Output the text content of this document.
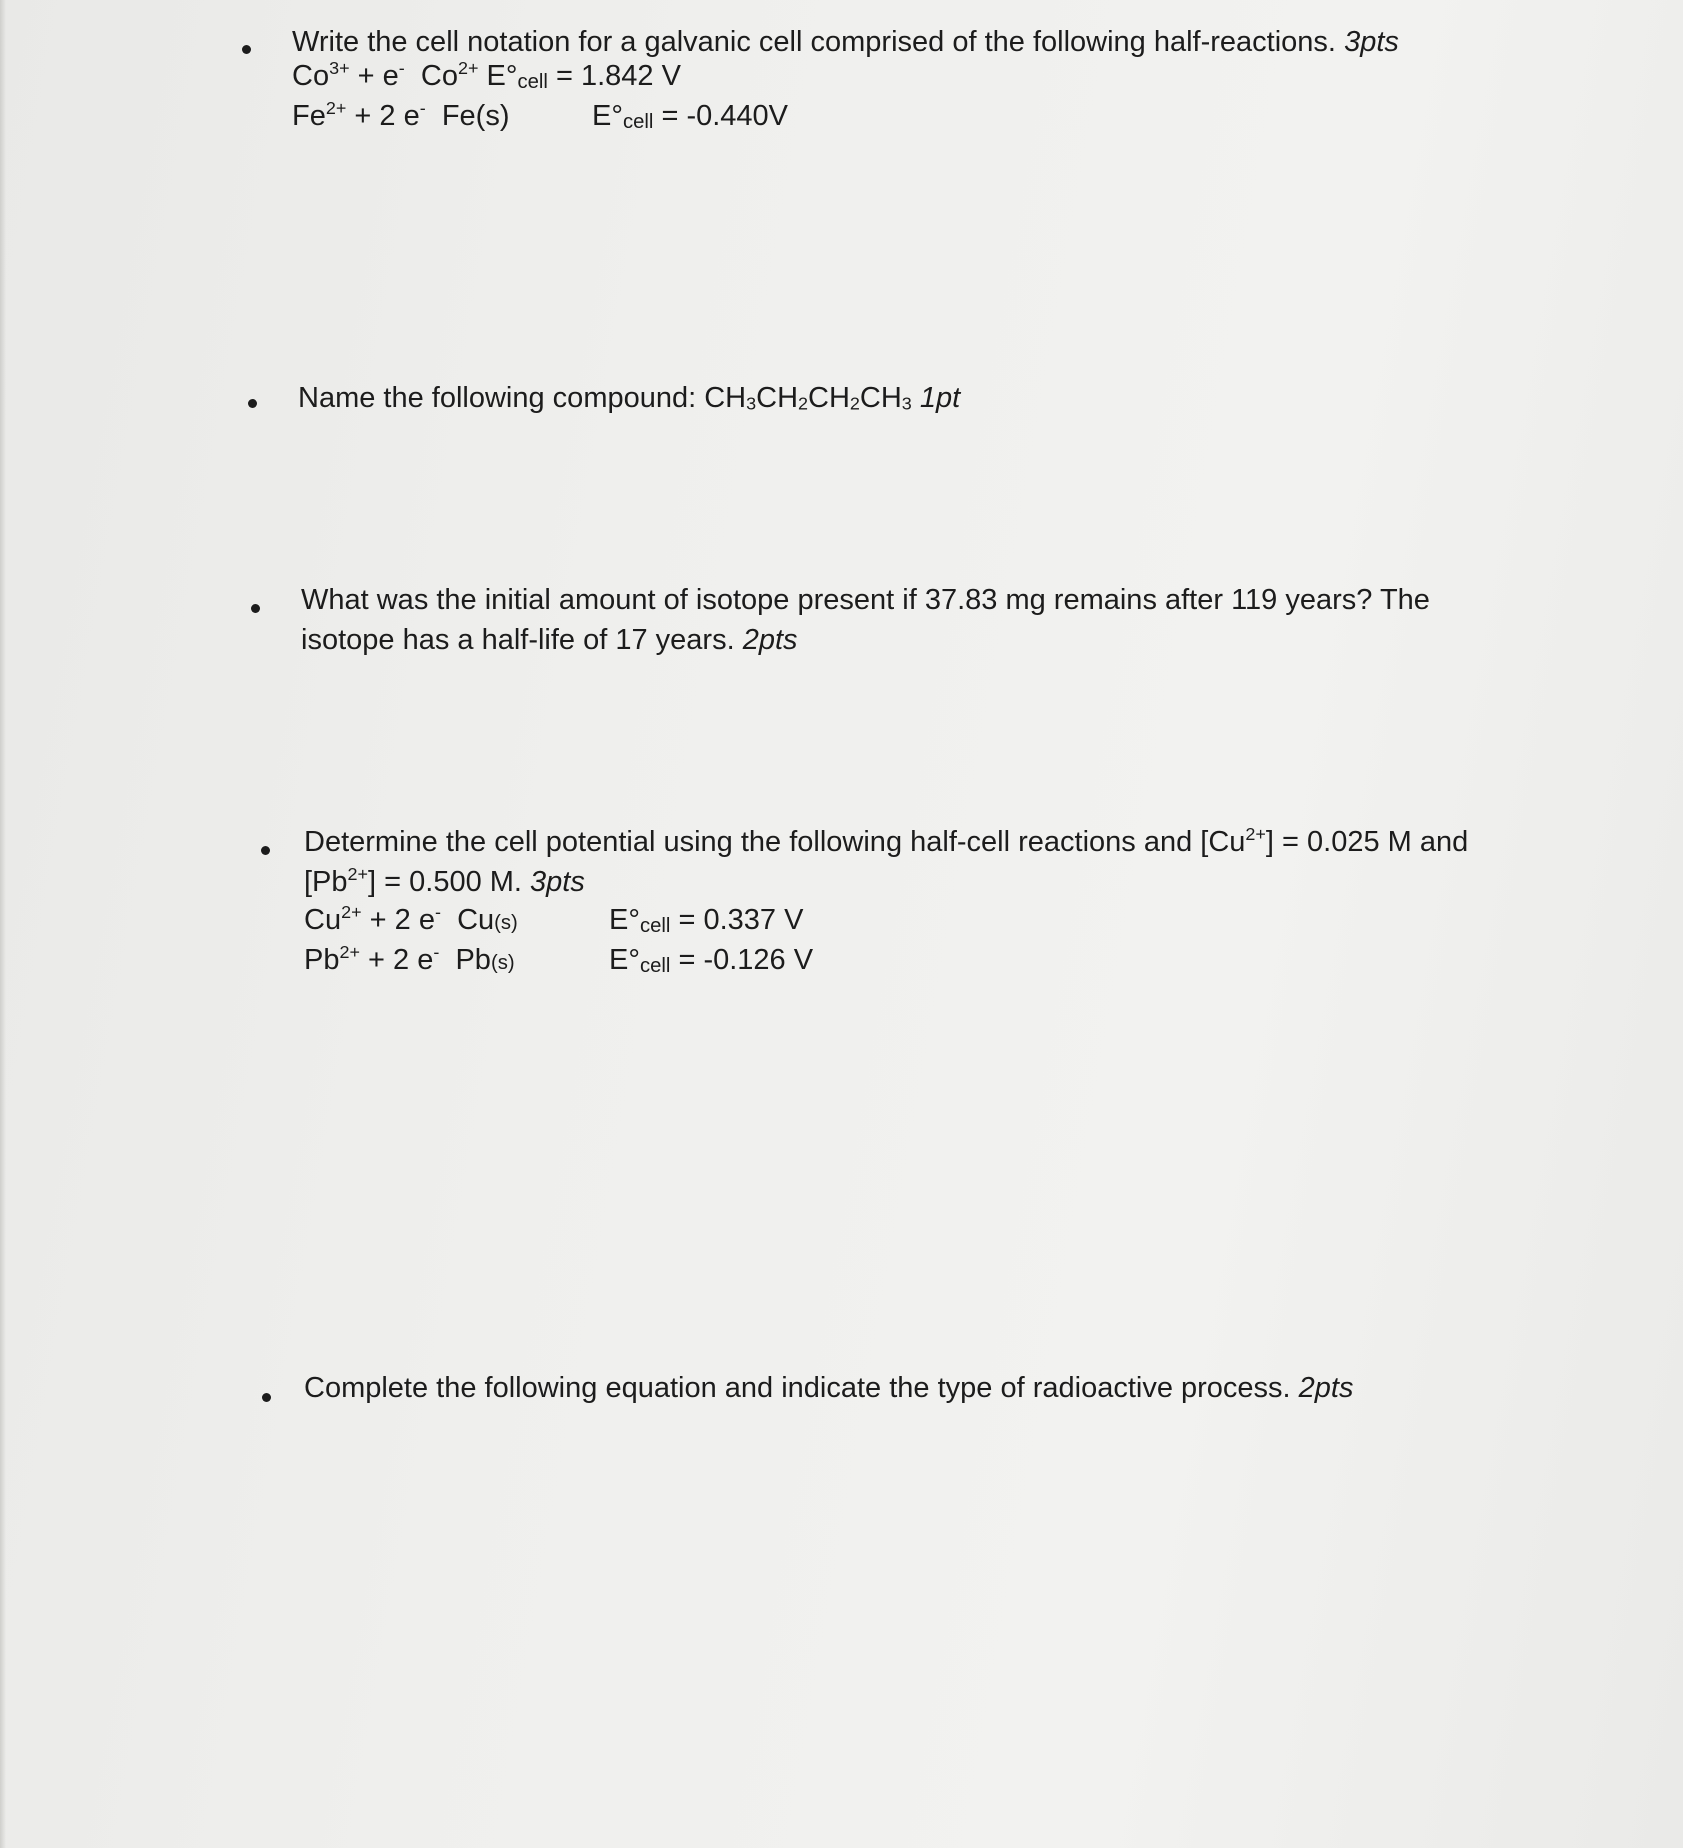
Write the cell notation for a galvanic cell comprised of the following half-reactions. 3pts
$Co^{3+} + e^-$ $Co^{2+}$ $E^\circ_{cell} = 1.842$ V
$Fe^{2+} + 2$ e- Fe(s)	$E^\circ_{cell} = -0.440V$
Name the following compound: $CH_3CH_2CH_2CH_3$ 1pt
What was the initial amount of isotope present if 37.83 mg remains after 119 years? The isotope has a half-life of 17 years. 2pts
Determine the cell potential using the following half-cell reactions and $[Cu^{2+}] = 0.025$ M and $[Pb^{2+}] = 0.500$ M. 3pts
$Cu^{2+} + 2$ e- Cu(s)	$E^\circ_{cell} = 0.337$ V
$Pb^{2+} + 2$ e- Pb(s)	$E^\circ_{cell} = -0.126$ V
Complete the following equation and indicate the type of radioactive process. 2pts
